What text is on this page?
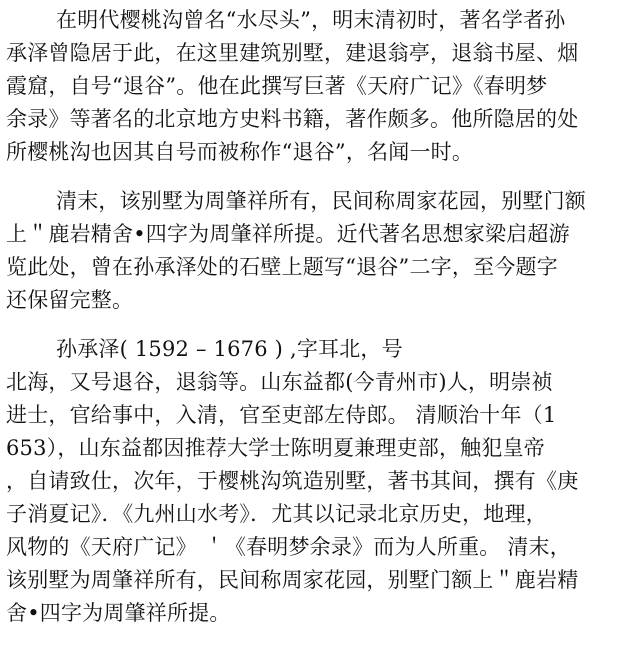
在明代樱桃沟曾名“水尽头”，明末清初时，著名学者孙
承泽曾隐居于此，在这里建筑别墅，建退翁亭，退翁书屋、烟
霞窟，自号“退谷”。他在此撰写巨著《天府广记》《春明梦
余录》等著名的北京地方史料书籍，著作颇多。他所隐居的处
所樱桃沟也因其自号而被称作“退谷”，名闻一时。
清末，该别墅为周肇祥所有，民间称周家花园，别墅门额
上＂鹿岩精舍•四字为周肇祥所提。近代著名思想家梁启超游
览此处，曾在孙承泽处的石壁上题写“退谷”二字，至今题字
还保留完整。
孙承泽( 1592 – 1676 ) ,字耳北，号
北海，又号退谷，退翁等。山东益都(今青州市)人，明崇祯
进士，官给事中，入清，官至吏部左侍郎。 清顺治十年（1
653），山东益都因推荐大学士陈明夏兼理吏部，触犯皇帝
，自请致仕，次年，于樱桃沟筑造别墅，著书其间，撰有《庚
子消夏记》．《九州山水考》．尤其以记录北京历史，地理，
风物的《天府广记》 ＇《春明梦余录》而为人所重。 清末，
该别墅为周肇祥所有，民间称周家花园，别墅门额上＂鹿岩精
舍•四字为周肇祥所提。
